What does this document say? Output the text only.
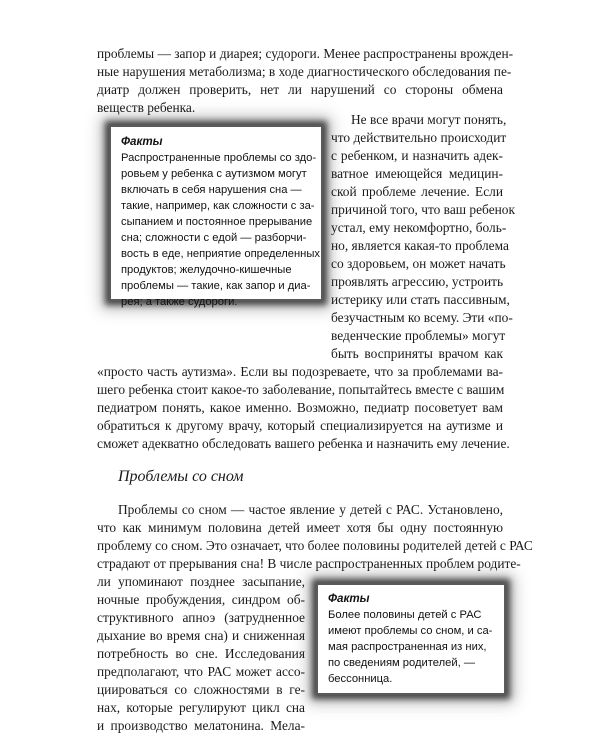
проблемы — запор и диарея; судороги. Менее распространены врожден-

ные нарушения метаболизма; в ходе диагностического обследования пе-

диатр должен проверить, нет ли нарушений со стороны обмена

веществ ребенка.

Факты

Распространенные проблемы со здо-

ровьем у ребенка с аутизмом могут

включать в себя нарушения сна —

такие, например, как сложности с за-

сыпанием и постоянное прерывание

сна; сложности с едой — разборчи-

вость в еде, неприятие определенных

продуктов; желудочно-кишечные

проблемы — такие, как запор и диа-

рея; а также судороги.

Не все врачи могут понять,

что действительно происходит

с ребенком, и назначить адек-

ватное имеющейся медицин-

ской проблеме лечение. Если

причиной того, что ваш ребенок

устал, ему некомфортно, боль-

но, является какая-то проблема

со здоровьем, он может начать

проявлять агрессию, устроить

истерику или стать пассивным,

безучастным ко всему. Эти «по-

веденческие проблемы» могут

быть восприняты врачом как

«просто часть аутизма». Если вы подозреваете, что за проблемами ва-

шего ребенка стоит какое-то заболевание, попытайтесь вместе с вашим

педиатром понять, какое именно. Возможно, педиатр посоветует вам

обратиться к другому врачу, который специализируется на аутизме и

сможет адекватно обследовать вашего ребенка и назначить ему лечение.

Проблемы со сном

Проблемы со сном — частое явление у детей с РАС. Установлено,

что как минимум половина детей имеет хотя бы одну постоянную

проблему со сном. Это означает, что более половины родителей детей с РАС

страдают от прерывания сна! В числе распространенных проблем родите-

ли упоминают позднее засыпание,

ночные пробуждения, синдром об-

структивного апноэ (затрудненное

дыхание во время сна) и сниженная

потребность во сне. Исследования

предполагают, что РАС может ассо-

циироваться со сложностями в ге-

нах, которые регулируют цикл сна

и производство мелатонина. Мела-

Факты

Более половины детей с РАС

имеют проблемы со сном, и са-

мая распространенная из них,

по сведениям родителей, —

бессонница.
